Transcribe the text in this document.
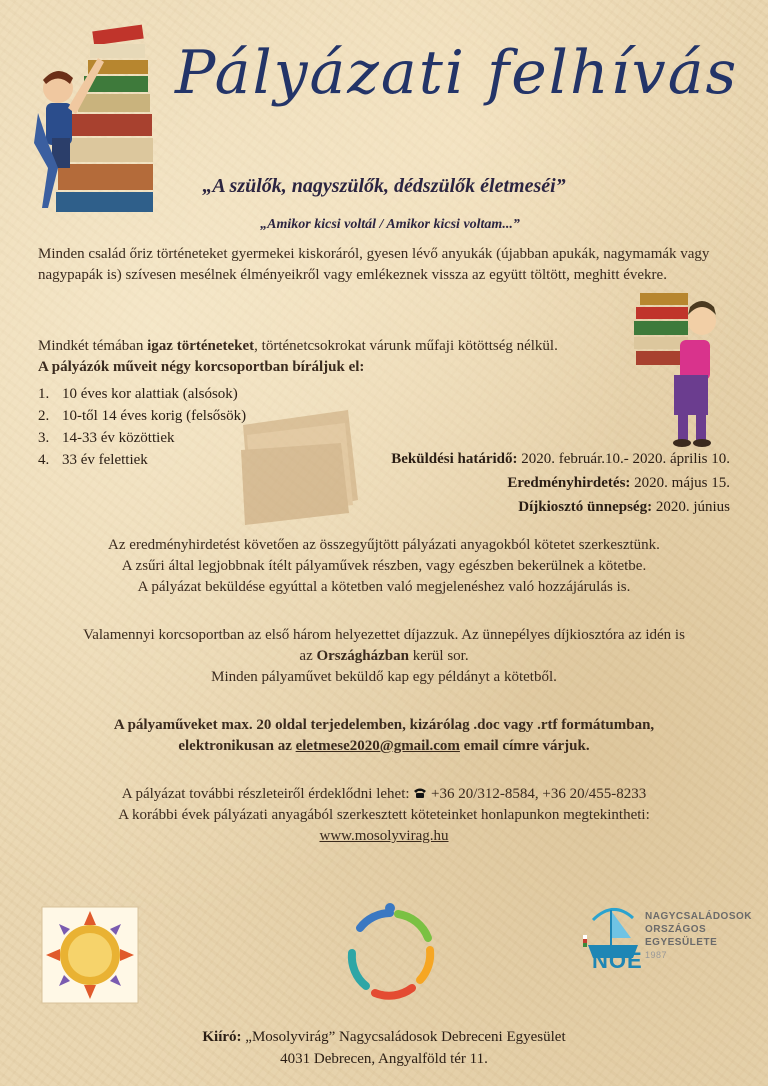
Pályázati felhívás
„A szülők, nagyszülők, dédszülők életmeséi”
„Amikor kicsi voltál / Amikor kicsi voltam...”
Minden család őriz történeteket gyermekei kiskoráról, gyesen lévő anyukák (újabban apukák, nagymamák vagy nagypapák is) szívesen mesélnek élményeikről vagy emlékeznek vissza az együtt töltött, meghitt évekre.
Mindkét témában igaz történeteket, történetcsokrokat várunk műfaji kötöttség nélkül.
A pályázók műveit négy korcsoportban bíráljuk el:
1. 10 éves kor alattiak (alsósok)
2. 10-től 14 éves korig (felsősök)
3. 14-33 év közöttiek
4. 33 év felettiek	Beküldési határidő: 2020. február.10.- 2020. április 10.
Eredményhirdetés: 2020. május 15.
Díjkiosztó ünnepség: 2020. június
Az eredményhirdetést követően az összegyűjtött pályázati anyagokból kötetet szerkesztünk.
A zsűri által legjobbnak ítélt pályaművek részben, vagy egészben bekerülnek a kötetbe.
A pályázat beküldése egyúttal a kötetben való megjelenéshez való hozzájárulás is.
Valamennyi korcsoportban az első három helyezettet díjazzuk. Az ünnepélyes díjkiosztóra az idén is
az Országházban kerül sor.
Minden pályaművet beküldő kap egy példányt a kötetből.
A pályaműveket max. 20 oldal terjedelemben, kizárólag .doc vagy .rtf formátumban,
elektronikusan az eletmese2020@gmail.com email címre várjuk.
A pályázat további részleteiről érdeklődni lehet:  +36 20/312-8584, +36 20/455-8233
A korábbi évek pályázati anyagából szerkesztett köteteinket honlapunkon megtekintheti:
www.mosolyvirag.hu
NOE
NAGYCSALÁDOSOK
ORSZÁGOS
EGYESÜLETE
1987
Kiíró: „Mosolyvirág” Nagycsaládosok Debreceni Egyesület
4031 Debrecen, Angyalföld tér 11.
